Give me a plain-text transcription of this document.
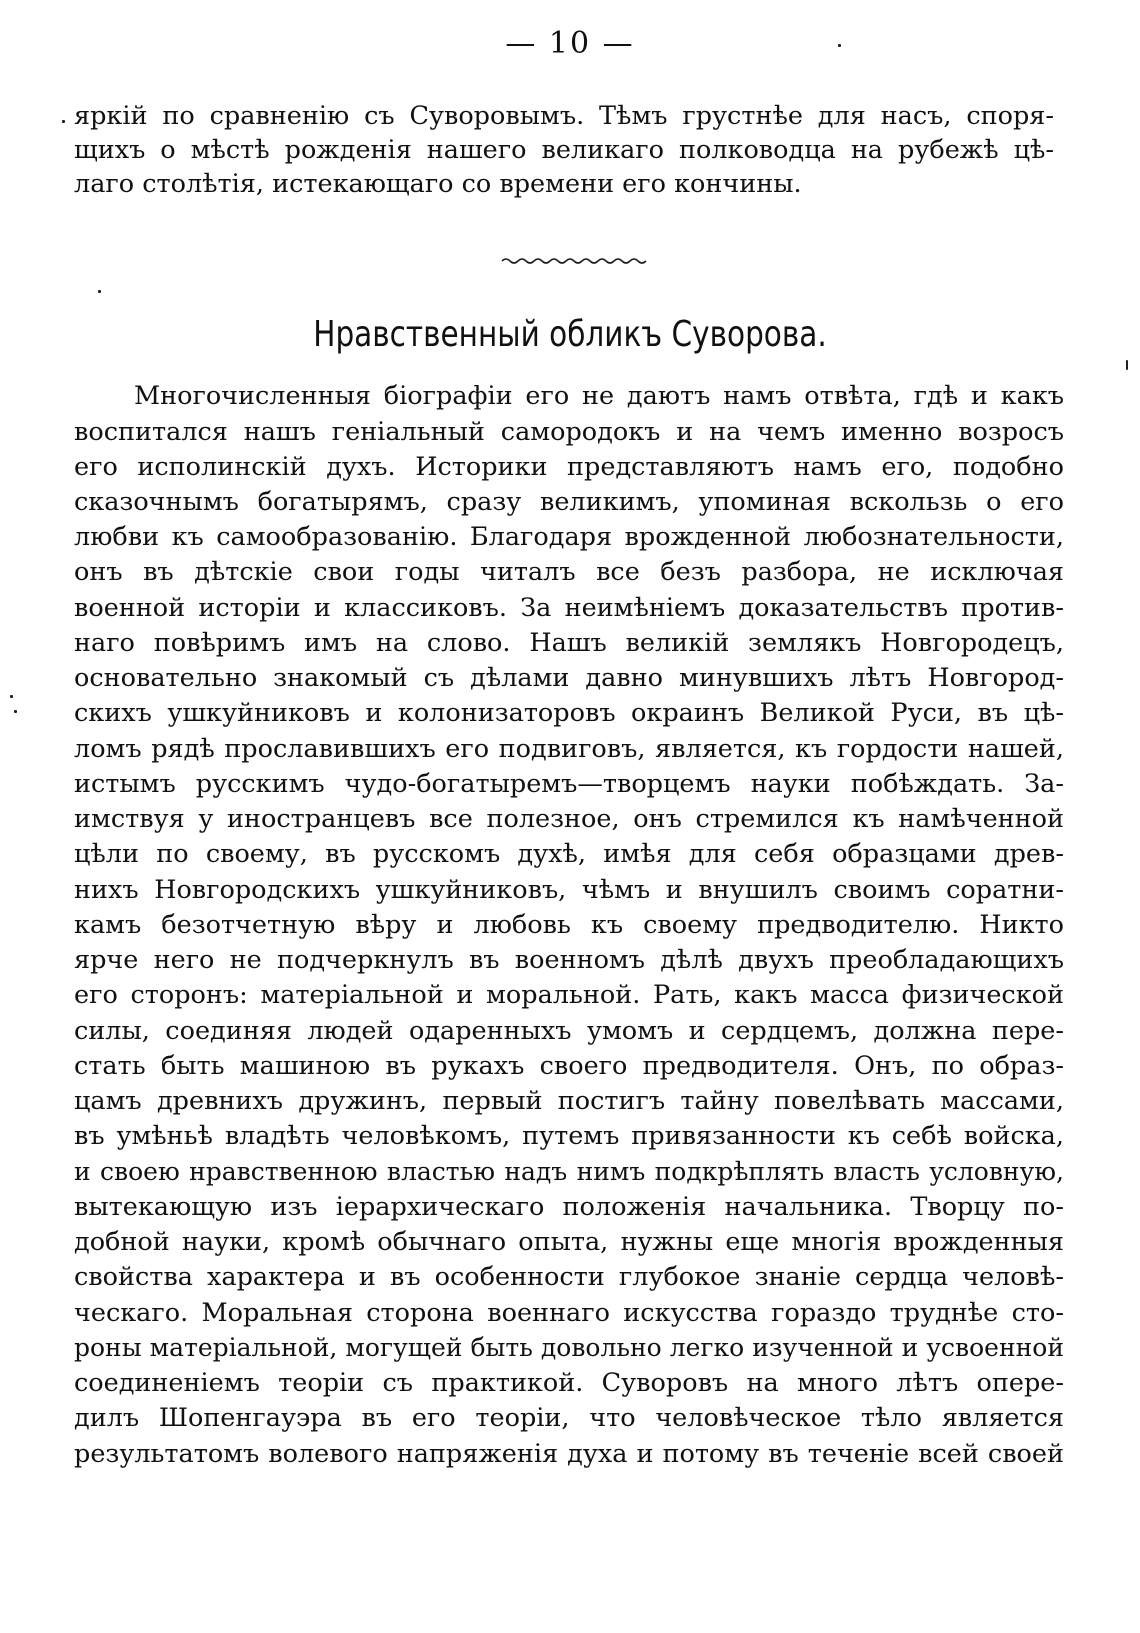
— 10 —
яркій по сравненію съ Суворовымъ. Тѣмъ грустнѣе для насъ, споря-
щихъ о мѣстѣ рожденія нашего великаго полководца на рубежѣ цѣ-
лаго столѣтія, истекающаго со времени его кончины.
Нравственный обликъ Суворова.
Многочисленныя біографіи его не даютъ намъ отвѣта, гдѣ и какъ
воспитался нашъ геніальный самородокъ и на чемъ именно возросъ
его исполинскій духъ. Историки представляютъ намъ его, подобно
сказочнымъ богатырямъ, сразу великимъ, упоминая вскользь о его
любви къ самообразованію. Благодаря врожденной любознательности,
онъ въ дѣтскіе свои годы читалъ все безъ разбора, не исключая
военной исторіи и классиковъ. За неимѣніемъ доказательствъ против-
наго повѣримъ имъ на слово. Нашъ великій землякъ Новгородецъ,
основательно знакомый съ дѣлами давно минувшихъ лѣтъ Новгород-
скихъ ушкуйниковъ и колонизаторовъ окраинъ Великой Руси, въ цѣ-
ломъ рядѣ прославившихъ его подвиговъ, является, къ гордости нашей,
истымъ русскимъ чудо-богатыремъ—творцемъ науки побѣждать. За-
имствуя у иностранцевъ все полезное, онъ стремился къ намѣченной
цѣли по своему, въ русскомъ духѣ, имѣя для себя образцами древ-
нихъ Новгородскихъ ушкуйниковъ, чѣмъ и внушилъ своимъ соратни-
камъ безотчетную вѣру и любовь къ своему предводителю. Никто
ярче него не подчеркнулъ въ военномъ дѣлѣ двухъ преобладающихъ
его сторонъ: матеріальной и моральной. Рать, какъ масса физической
силы, соединяя людей одаренныхъ умомъ и сердцемъ, должна пере-
стать быть машиною въ рукахъ своего предводителя. Онъ, по образ-
цамъ древнихъ дружинъ, первый постигъ тайну повелѣвать массами,
въ умѣньѣ владѣть человѣкомъ, путемъ привязанности къ себѣ войска,
и своею нравственною властью надъ нимъ подкрѣплять власть условную,
вытекающую изъ іерархическаго положенія начальника. Творцу по-
добной науки, кромѣ обычнаго опыта, нужны еще многія врожденныя
свойства характера и въ особенности глубокое знаніе сердца человѣ-
ческаго. Моральная сторона военнаго искусства гораздо труднѣе сто-
роны матеріальной, могущей быть довольно легко изученной и усвоенной
соединеніемъ теоріи съ практикой. Суворовъ на много лѣтъ опере-
дилъ Шопенгауэра въ его теоріи, что человѣческое тѣло является
результатомъ волевого напряженія духа и потому въ теченіе всей своей
